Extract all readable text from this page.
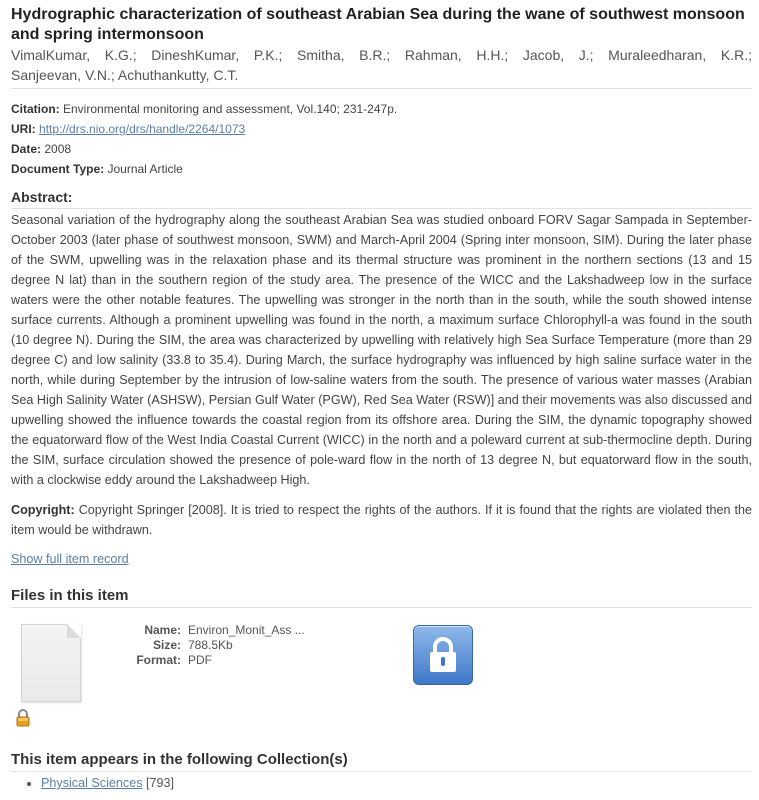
Hydrographic characterization of southeast Arabian Sea during the wane of southwest monsoon and spring intermonsoon
VimalKumar, K.G.; DineshKumar, P.K.; Smitha, B.R.; Rahman, H.H.; Jacob, J.; Muraleedharan, K.R.;
Sanjeevan, V.N.; Achuthankutty, C.T.
Citation: Environmental monitoring and assessment, Vol.140; 231-247p.
URI: http://drs.nio.org/drs/handle/2264/1073
Date: 2008
Document Type: Journal Article
Abstract:
Seasonal variation of the hydrography along the southeast Arabian Sea was studied onboard FORV Sagar Sampada in September-October 2003 (later phase of southwest monsoon, SWM) and March-April 2004 (Spring inter monsoon, SIM). During the later phase of the SWM, upwelling was in the relaxation phase and its thermal structure was prominent in the northern sections (13 and 15 degree N lat) than in the southern region of the study area. The presence of the WICC and the Lakshadweep low in the surface waters were the other notable features. The upwelling was stronger in the north than in the south, while the south showed intense surface currents. Although a prominent upwelling was found in the north, a maximum surface Chlorophyll-a was found in the south (10 degree N). During the SIM, the area was characterized by upwelling with relatively high Sea Surface Temperature (more than 29 degree C) and low salinity (33.8 to 35.4). During March, the surface hydrography was influenced by high saline surface water in the north, while during September by the intrusion of low-saline waters from the south. The presence of various water masses (Arabian Sea High Salinity Water (ASHSW), Persian Gulf Water (PGW), Red Sea Water (RSW)] and their movements was also discussed and upwelling showed the influence towards the coastal region from its offshore area. During the SIM, the dynamic topography showed the equatorward flow of the West India Coastal Current (WICC) in the north and a poleward current at sub-thermocline depth. During the SIM, surface circulation showed the presence of pole-ward flow in the north of 13 degree N, but equatorward flow in the south, with a clockwise eddy around the Lakshadweep High.
Copyright: Copyright Springer [2008]. It is tried to respect the rights of the authors. If it is found that the rights are violated then the item would be withdrawn.
Show full item record
Files in this item
Name: Environ_Monit_Ass ...
Size: 788.5Kb
Format: PDF
This item appears in the following Collection(s)
• Physical Sciences [793]
